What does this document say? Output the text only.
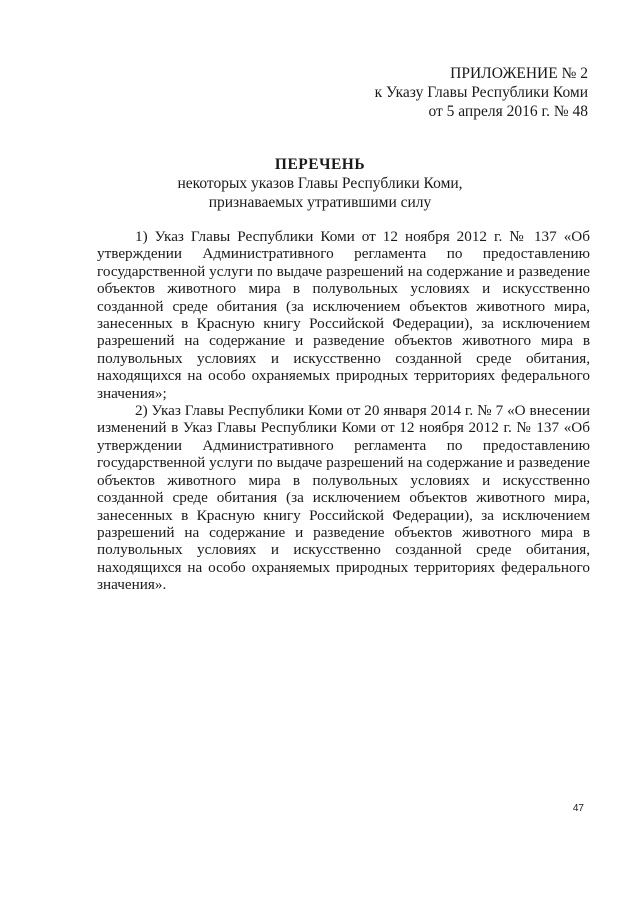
ПРИЛОЖЕНИЕ № 2
к Указу Главы Республики Коми
от 5 апреля 2016 г. № 48
ПЕРЕЧЕНЬ
некоторых указов Главы Республики Коми,
признаваемых утратившими силу

1) Указ Главы Республики Коми от 12 ноября 2012 г. № 137 «Об утверждении Административного регламента по предоставлению государственной услуги по выдаче разрешений на содержание и разведение объектов животного мира в полувольных условиях и искусственно созданной среде обитания (за исключением объектов животного мира, занесенных в Красную книгу Российской Федерации), за исключением разрешений на содержание и разведение объектов животного мира в полувольных условиях и искусственно созданной среде обитания, находящихся на особо охраняемых природных территориях федерального значения»;

2) Указ Главы Республики Коми от 20 января 2014 г. № 7 «О внесении изменений в Указ Главы Республики Коми от 12 ноября 2012 г. № 137 «Об утверждении Административного регламента по предоставлению государственной услуги по выдаче разрешений на содержание и разведение объектов животного мира в полувольных условиях и искусственно созданной среде обитания (за исключением объектов животного мира, занесенных в Красную книгу Российской Федерации), за исключением разрешений на содержание и разведение объектов животного мира в полувольных условиях и искусственно созданной среде обитания, находящихся на особо охраняемых природных территориях федерального значения».

47
